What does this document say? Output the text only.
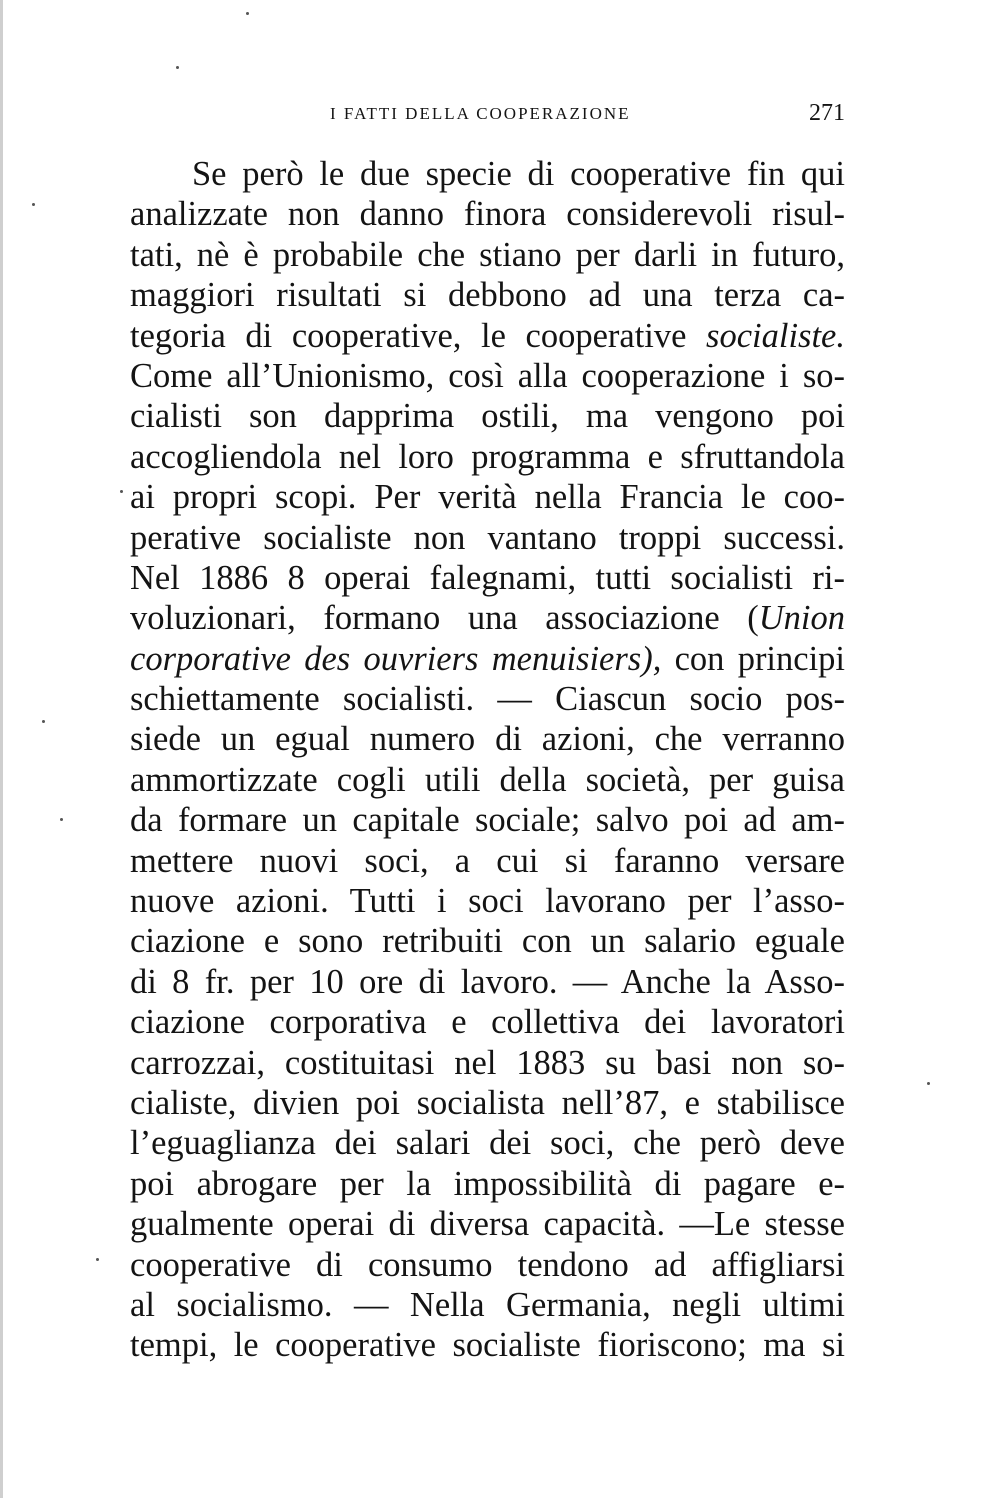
I FATTI DELLA COOPERAZIONE	271
Se però le due specie di cooperative fin qui
analizzate non danno finora considerevoli risul-
tati, nè è probabile che stiano per darli in futuro,
maggiori risultati si debbono ad una terza ca-
tegoria di cooperative, le cooperative socialiste.
Come all’Unionismo, così alla cooperazione i so-
cialisti son dapprima ostili, ma vengono poi
accogliendola nel loro programma e sfruttandola
ai propri scopi. Per verità nella Francia le coo-
perative socialiste non vantano troppi successi.
Nel 1886 8 operai falegnami, tutti socialisti ri-
voluzionari, formano una associazione (Union
corporative des ouvriers menuisiers), con principi
schiettamente socialisti. — Ciascun socio pos-
siede un egual numero di azioni, che verranno
ammortizzate cogli utili della società, per guisa
da formare un capitale sociale; salvo poi ad am-
mettere nuovi soci, a cui si faranno versare
nuove azioni. Tutti i soci lavorano per l’asso-
ciazione e sono retribuiti con un salario eguale
di 8 fr. per 10 ore di lavoro. — Anche la Asso-
ciazione corporativa e collettiva dei lavoratori
carrozzai, costituitasi nel 1883 su basi non so-
cialiste, divien poi socialista nell’87, e stabilisce
l’eguaglianza dei salari dei soci, che però deve
poi abrogare per la impossibilità di pagare e-
gualmente operai di diversa capacità. —Le stesse
cooperative di consumo tendono ad affigliarsi
al socialismo. — Nella Germania, negli ultimi
tempi, le cooperative socialiste fioriscono; ma si
